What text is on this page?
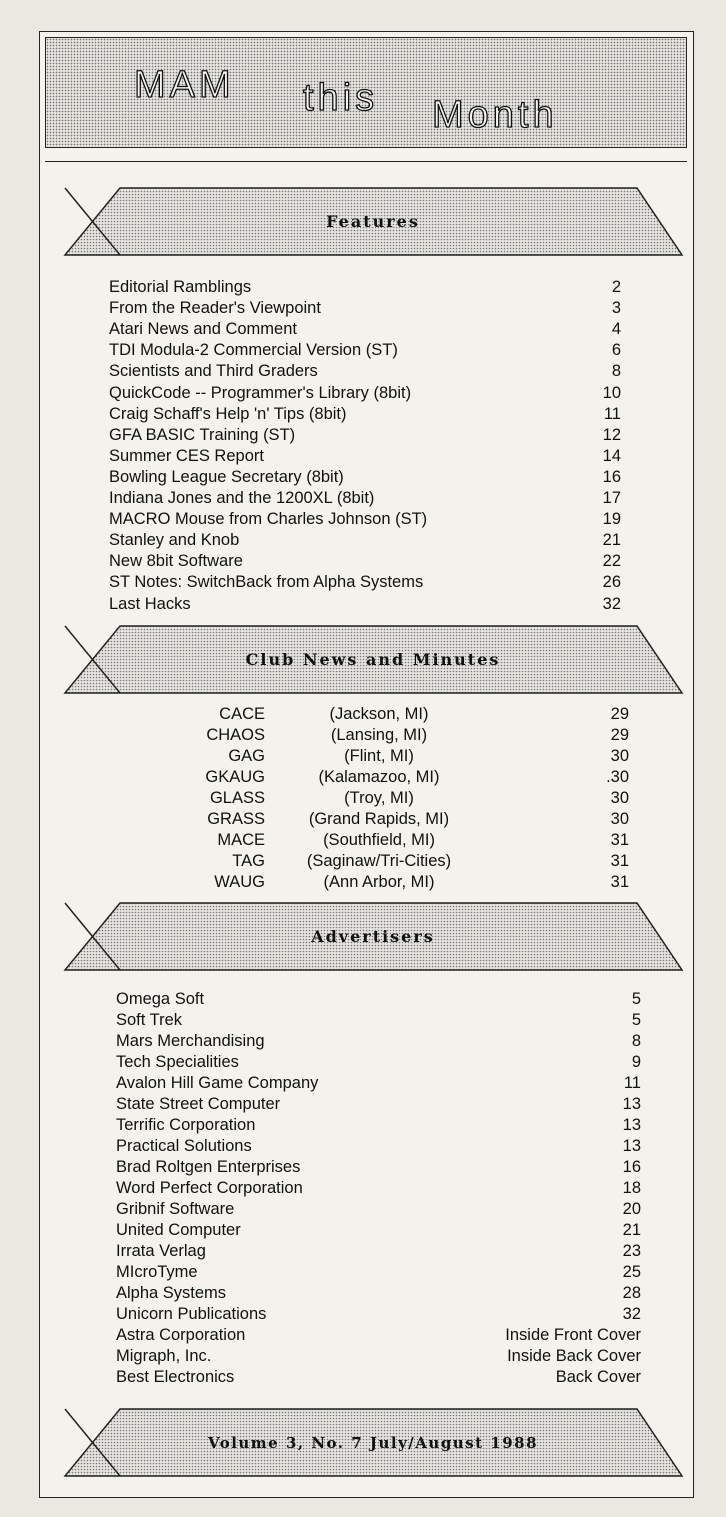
MAM this Month
Features
Editorial Ramblings	2
From the Reader's Viewpoint	3
Atari News and Comment	4
TDI Modula-2 Commercial Version (ST)	6
Scientists and Third Graders	8
QuickCode -- Programmer's Library (8bit)	10
Craig Schaff's Help 'n' Tips (8bit)	11
GFA BASIC Training (ST)	12
Summer CES Report	14
Bowling League Secretary (8bit)	16
Indiana Jones and the 1200XL (8bit)	17
MACRO Mouse from Charles Johnson (ST)	19
Stanley and Knob	21
New 8bit Software	22
ST Notes: SwitchBack from Alpha Systems	26
Last Hacks	32
Club News and Minutes
CACE	(Jackson, MI)	29
CHAOS	(Lansing, MI)	29
GAG	(Flint, MI)	30
GKAUG	(Kalamazoo, MI)	.30
GLASS	(Troy, MI)	30
GRASS	(Grand Rapids, MI)	30
MACE	(Southfield, MI)	31
TAG	(Saginaw/Tri-Cities)	31
WAUG	(Ann Arbor, MI)	31
Advertisers
Omega Soft	5
Soft Trek	5
Mars Merchandising	8
Tech Specialities	9
Avalon Hill Game Company	11
State Street Computer	13
Terrific Corporation	13
Practical Solutions	13
Brad Roltgen Enterprises	16
Word Perfect Corporation	18
Gribnif Software	20
United Computer	21
Irrata Verlag	23
MIcroTyme	25
Alpha Systems	28
Unicorn Publications	32
Astra Corporation	Inside Front Cover
Migraph, Inc.	Inside Back Cover
Best Electronics	Back Cover
Volume 3, No. 7 July/August 1988
